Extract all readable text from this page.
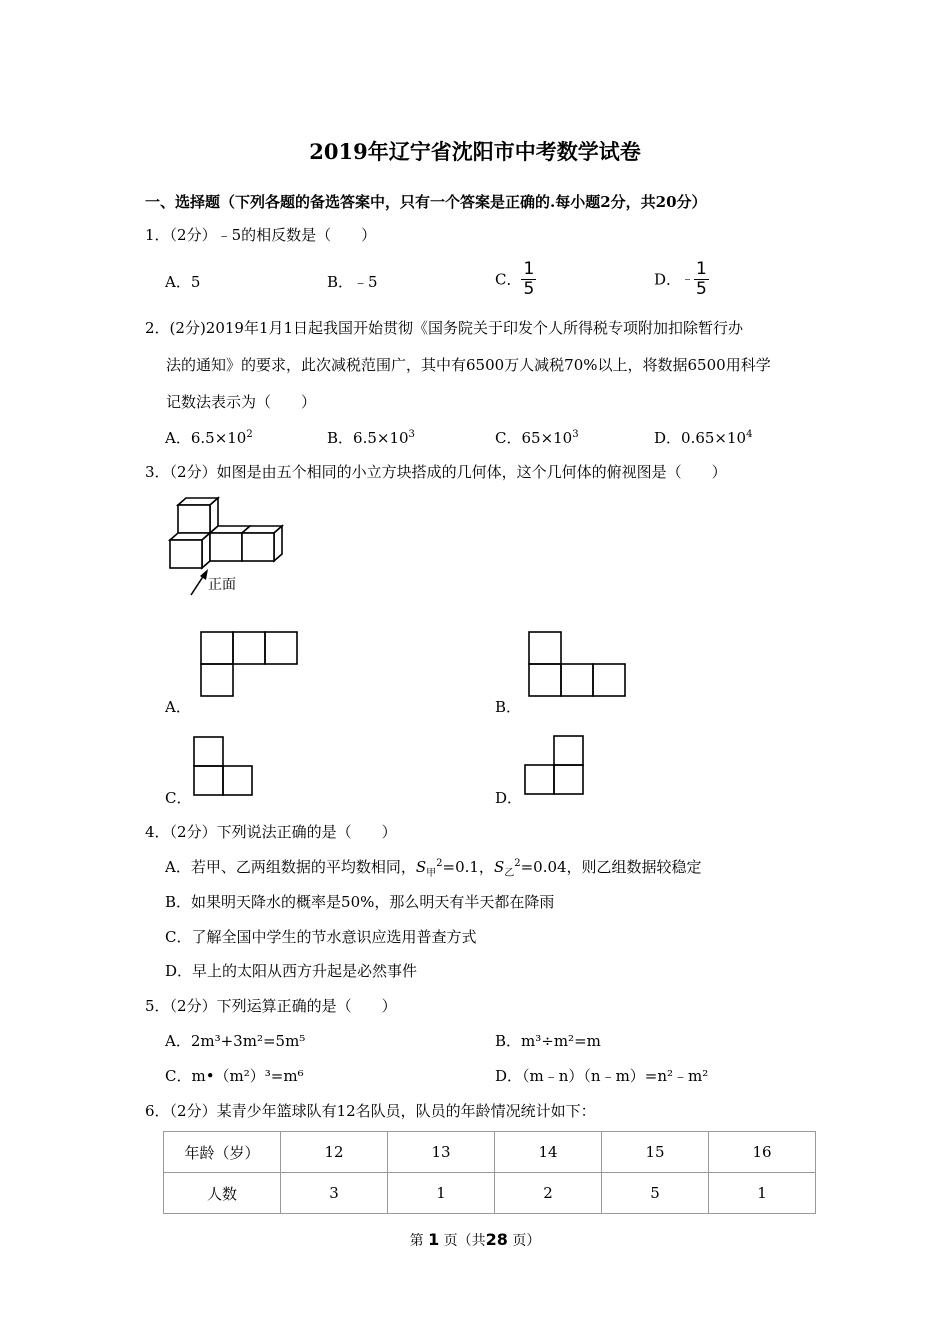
2019年辽宁省沈阳市中考数学试卷
一、选择题（下列各题的备选答案中，只有一个答案是正确的.每小题2分，共20分）
1．（2分）﹣5的相反数是（　　）
A．5	B．﹣5	C． $\frac{1}{5}$	D．﹣ $\frac{1}{5}$
2．(2分)2019年1月1日起我国开始贯彻《国务院关于印发个人所得税专项附加扣除暂行办
法的通知》的要求，此次减税范围广，其中有6500万人减税70%以上，将数据6500用科学
记数法表示为（　　）
A．$6.5\times 10^2$	B．$6.5\times 10^3$	C．$65\times 10^3$	D．$0.65\times 10^4$
3．（2分）如图是由五个相同的小立方块搭成的几何体，这个几何体的俯视图是（　　）
正面
A．	B．
C．	D．
4．（2分）下列说法正确的是（　　）
A．若甲、乙两组数据的平均数相同，$S_甲^2=0.1$，$S_乙^2=0.04$，则乙组数据较稳定
B．如果明天降水的概率是50%，那么明天有半天都在降雨
C．了解全国中学生的节水意识应选用普查方式
D．早上的太阳从西方升起是必然事件
5．（2分）下列运算正确的是（　　）
A．2m³+3m²=5m⁵	B．m³÷m²=m
C．m•（m²）³=m⁶	D．（m﹣n）（n﹣m）=n²﹣m²
6．（2分）某青少年篮球队有12名队员，队员的年龄情况统计如下：
年龄（岁）	12	13	14	15	16
人数	3	1	2	5	1
第 1 页（共28 页）
